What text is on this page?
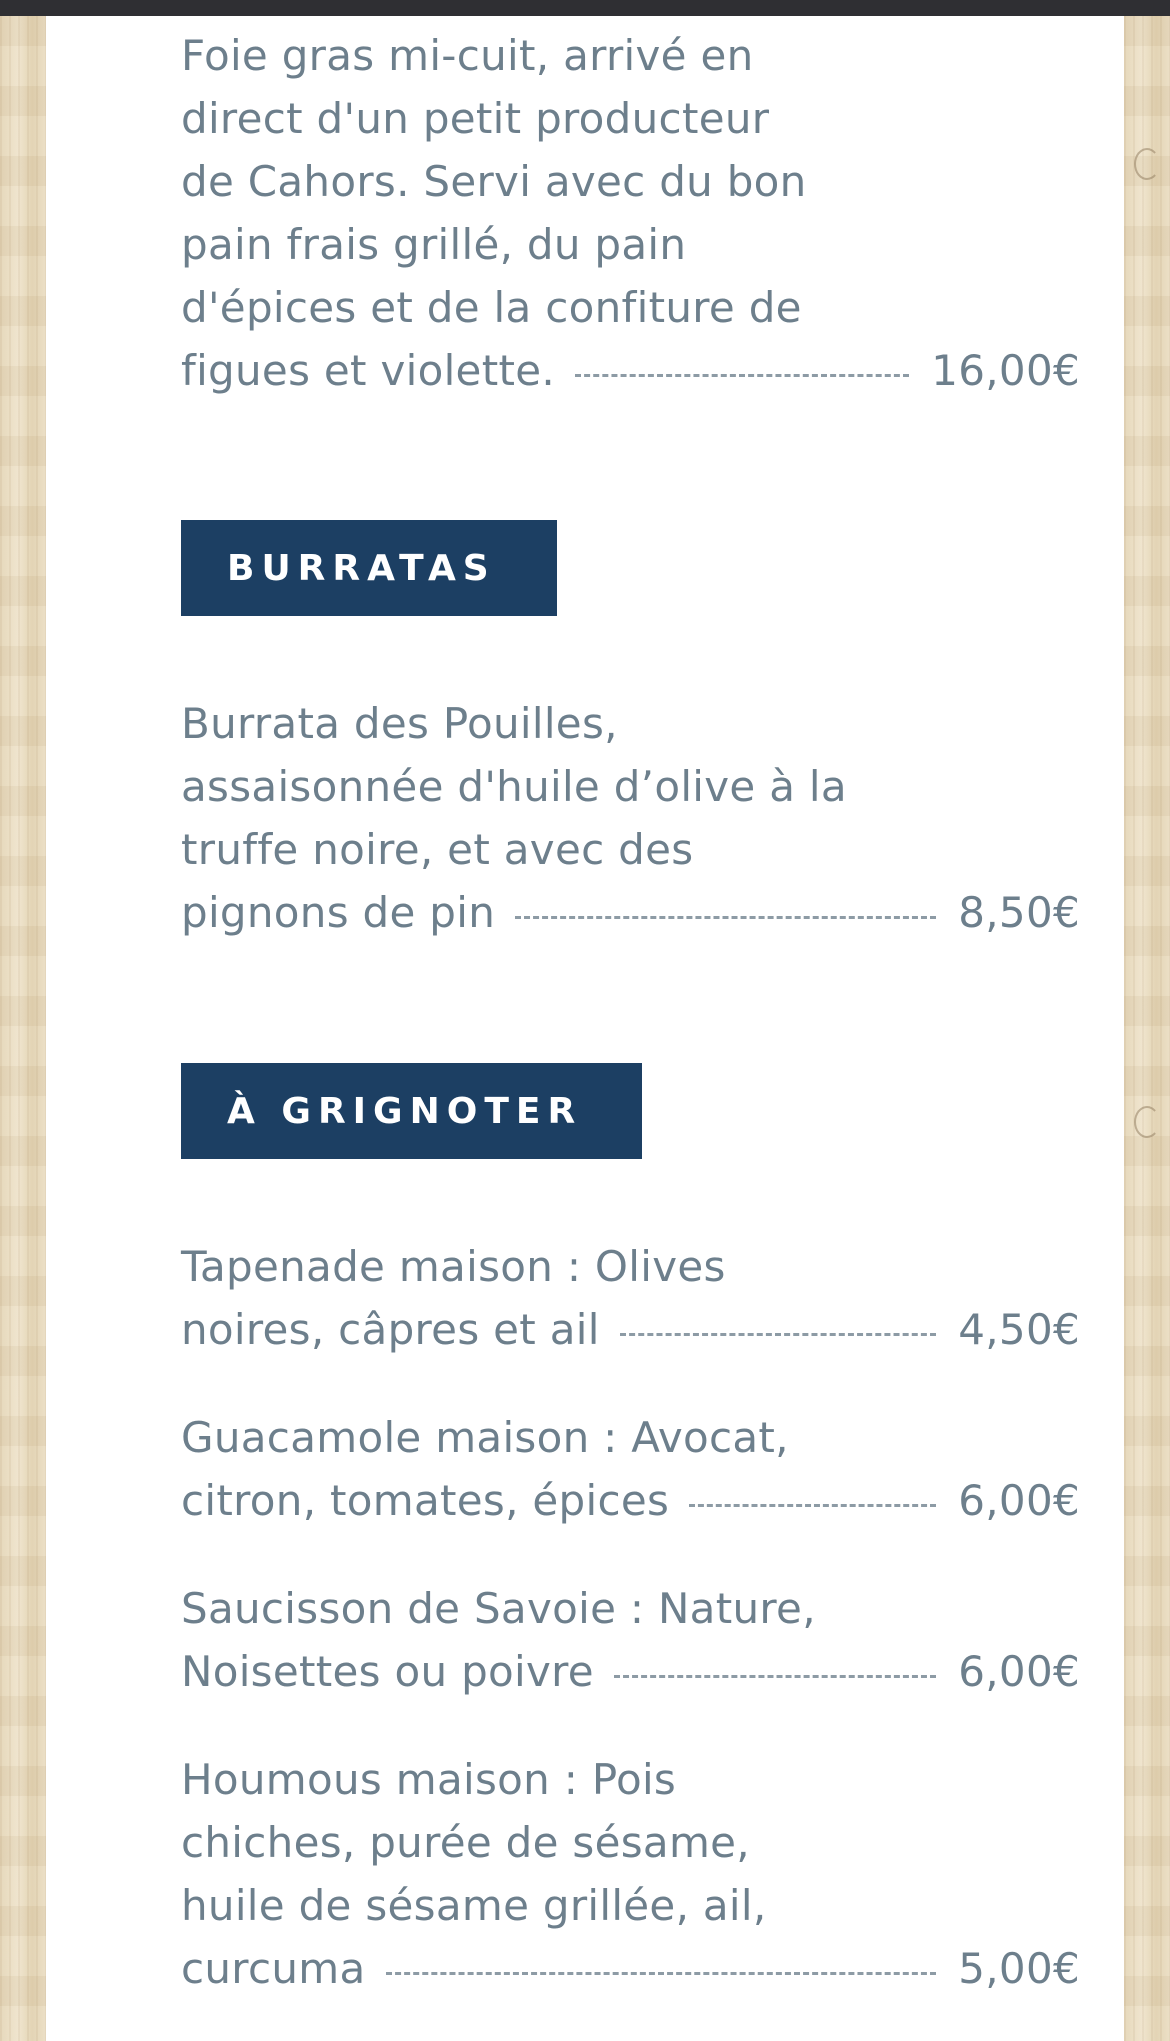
Foie gras mi-cuit, arrivé en
direct d'un petit producteur
de Cahors. Servi avec du bon
pain frais grillé, du pain
d'épices et de la confiture de
figues et violette.	16,00€
BURRATAS
Burrata des Pouilles,
assaisonnée d'huile d’olive à la
truffe noire, et avec des
pignons de pin	8,50€
À GRIGNOTER
Tapenade maison : Olives
noires, câpres et ail	4,50€
Guacamole maison : Avocat,
citron, tomates, épices	6,00€
Saucisson de Savoie : Nature,
Noisettes ou poivre	6,00€
Houmous maison : Pois
chiches, purée de sésame,
huile de sésame grillée, ail,
curcuma	5,00€
